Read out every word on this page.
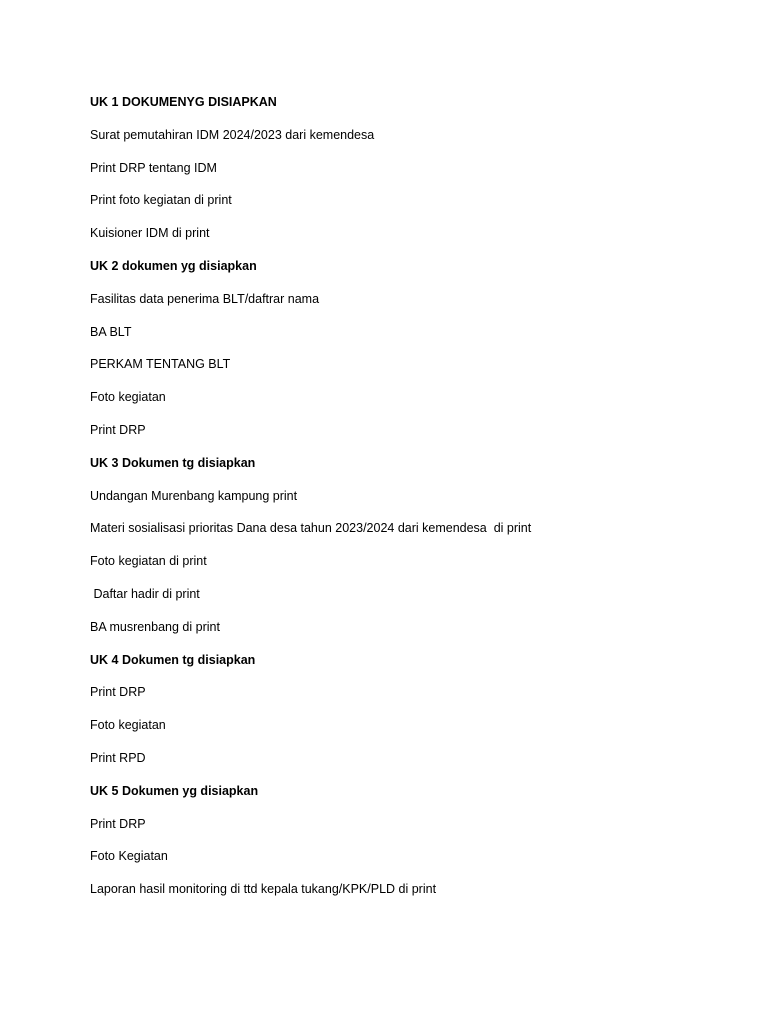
UK 1 DOKUMENYG DISIAPKAN
Surat pemutahiran IDM 2024/2023 dari kemendesa
Print DRP tentang IDM
Print foto kegiatan di print
Kuisioner IDM di print
UK 2 dokumen yg disiapkan
Fasilitas data penerima BLT/daftrar nama
BA BLT
PERKAM TENTANG BLT
Foto kegiatan
Print DRP
UK 3 Dokumen tg disiapkan
Undangan Murenbang kampung print
Materi sosialisasi prioritas Dana desa tahun 2023/2024 dari kemendesa  di print
Foto kegiatan di print
Daftar hadir di print
BA musrenbang di print
UK 4 Dokumen tg disiapkan
Print DRP
Foto kegiatan
Print RPD
UK 5 Dokumen yg disiapkan
Print DRP
Foto Kegiatan
Laporan hasil monitoring di ttd kepala tukang/KPK/PLD di print
